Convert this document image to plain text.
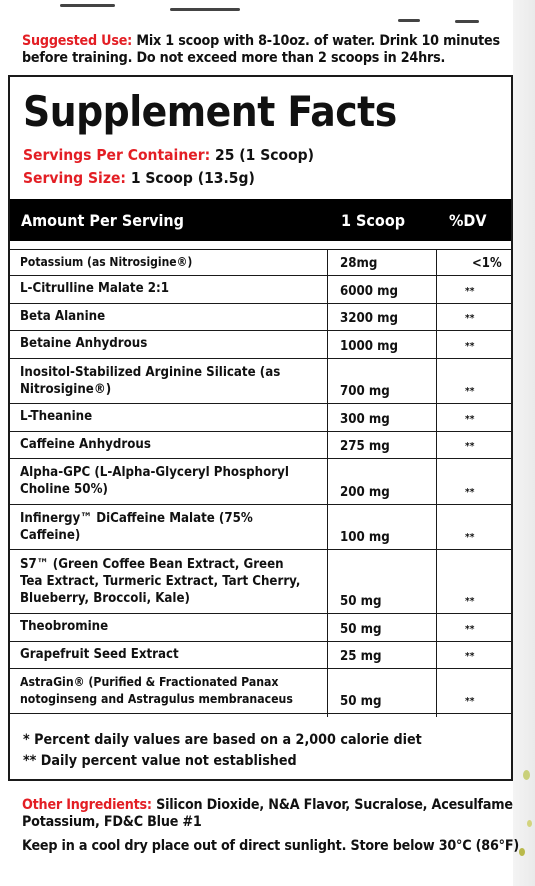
Suggested Use: Mix 1 scoop with 8-10oz. of water. Drink 10 minutes before training. Do not exceed more than 2 scoops in 24hrs.
Supplement Facts
Servings Per Container: 25 (1 Scoop)
Serving Size: 1 Scoop (13.5g)
Amount Per Serving	1 Scoop	%DV
Potassium (as Nitrosigine®)	28mg	<1%
L-Citrulline Malate 2:1	6000 mg	**
Beta Alanine	3200 mg	**
Betaine Anhydrous	1000 mg	**
Inositol-Stabilized Arginine Silicate (as Nitrosigine®)	700 mg	**
L-Theanine	300 mg	**
Caffeine Anhydrous	275 mg	**
Alpha-GPC (L-Alpha-Glyceryl Phosphoryl Choline 50%)	200 mg	**
Infinergy™ DiCaffeine Malate (75% Caffeine)	100 mg	**
S7™ (Green Coffee Bean Extract, Green Tea Extract, Turmeric Extract, Tart Cherry, Blueberry, Broccoli, Kale)	50 mg	**
Theobromine	50 mg	**
Grapefruit Seed Extract	25 mg	**
AstraGin® (Purified & Fractionated Panax notoginseng and Astragulus membranaceus	50 mg	**
* Percent daily values are based on a 2,000 calorie diet
** Daily percent value not established
Other Ingredients: Silicon Dioxide, N&A Flavor, Sucralose, Acesulfame Potassium, FD&C Blue #1
Keep in a cool dry place out of direct sunlight. Store below 30°C (86°F)
